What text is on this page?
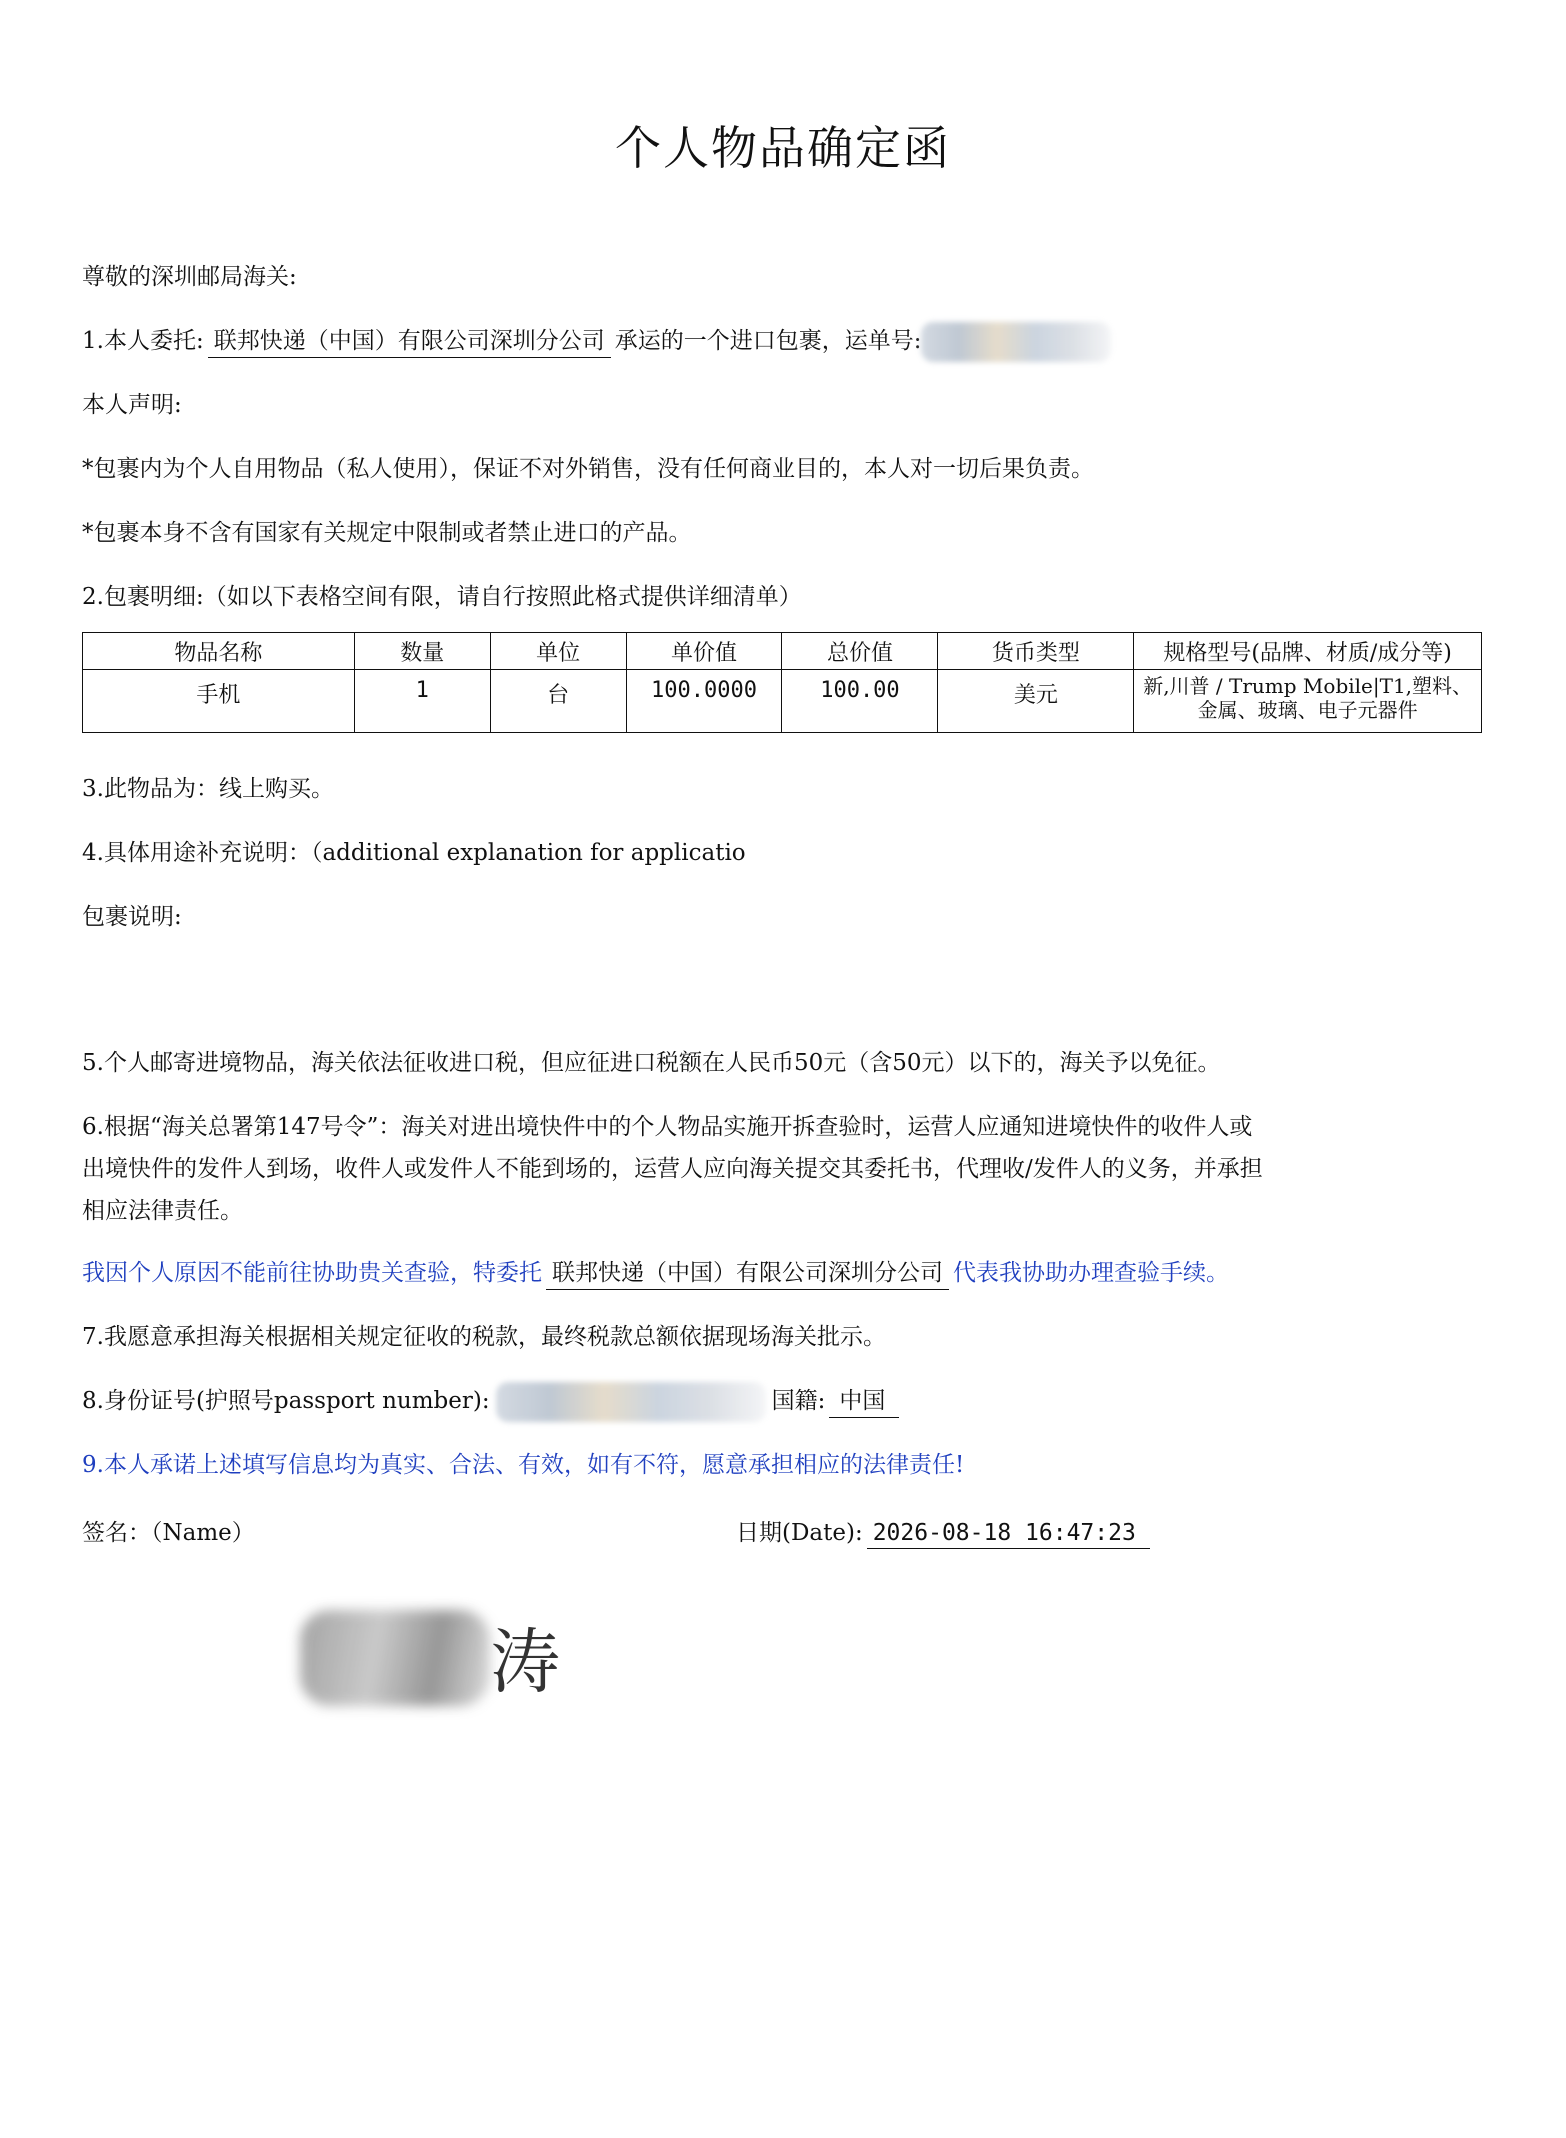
个人物品确定函
尊敬的深圳邮局海关:
1.本人委托: 联邦快递（中国）有限公司深圳分公司 承运的一个进口包裹，运单号:
本人声明:
*包裹内为个人自用物品（私人使用），保证不对外销售，没有任何商业目的，本人对一切后果负责。
*包裹本身不含有国家有关规定中限制或者禁止进口的产品。
2.包裹明细:（如以下表格空间有限，请自行按照此格式提供详细清单）
物品名称	数量	单位	单价值	总价值	货币类型	规格型号(品牌、材质/成分等)
手机	1	台	100.0000	100.00	美元	新,川普 / Trump Mobile|T1,塑料、金属、玻璃、电子元器件
3.此物品为：线上购买。
4.具体用途补充说明：（additional explanation for applicatio
包裹说明:
5.个人邮寄进境物品，海关依法征收进口税，但应征进口税额在人民币50元（含50元）以下的，海关予以免征。
6.根据“海关总署第147号令”：海关对进出境快件中的个人物品实施开拆查验时，运营人应通知进境快件的收件人或
出境快件的发件人到场，收件人或发件人不能到场的，运营人应向海关提交其委托书，代理收/发件人的义务，并承担
相应法律责任。
我因个人原因不能前往协助贵关查验，特委托 联邦快递（中国）有限公司深圳分公司 代表我协助办理查验手续。
7.我愿意承担海关根据相关规定征收的税款，最终税款总额依据现场海关批示。
8.身份证号(护照号passport number):	国籍: 中国
9.本人承诺上述填写信息均为真实、合法、有效，如有不符，愿意承担相应的法律责任!
签名：（Name）	日期(Date): 2026-08-18 16:47:23
涛
